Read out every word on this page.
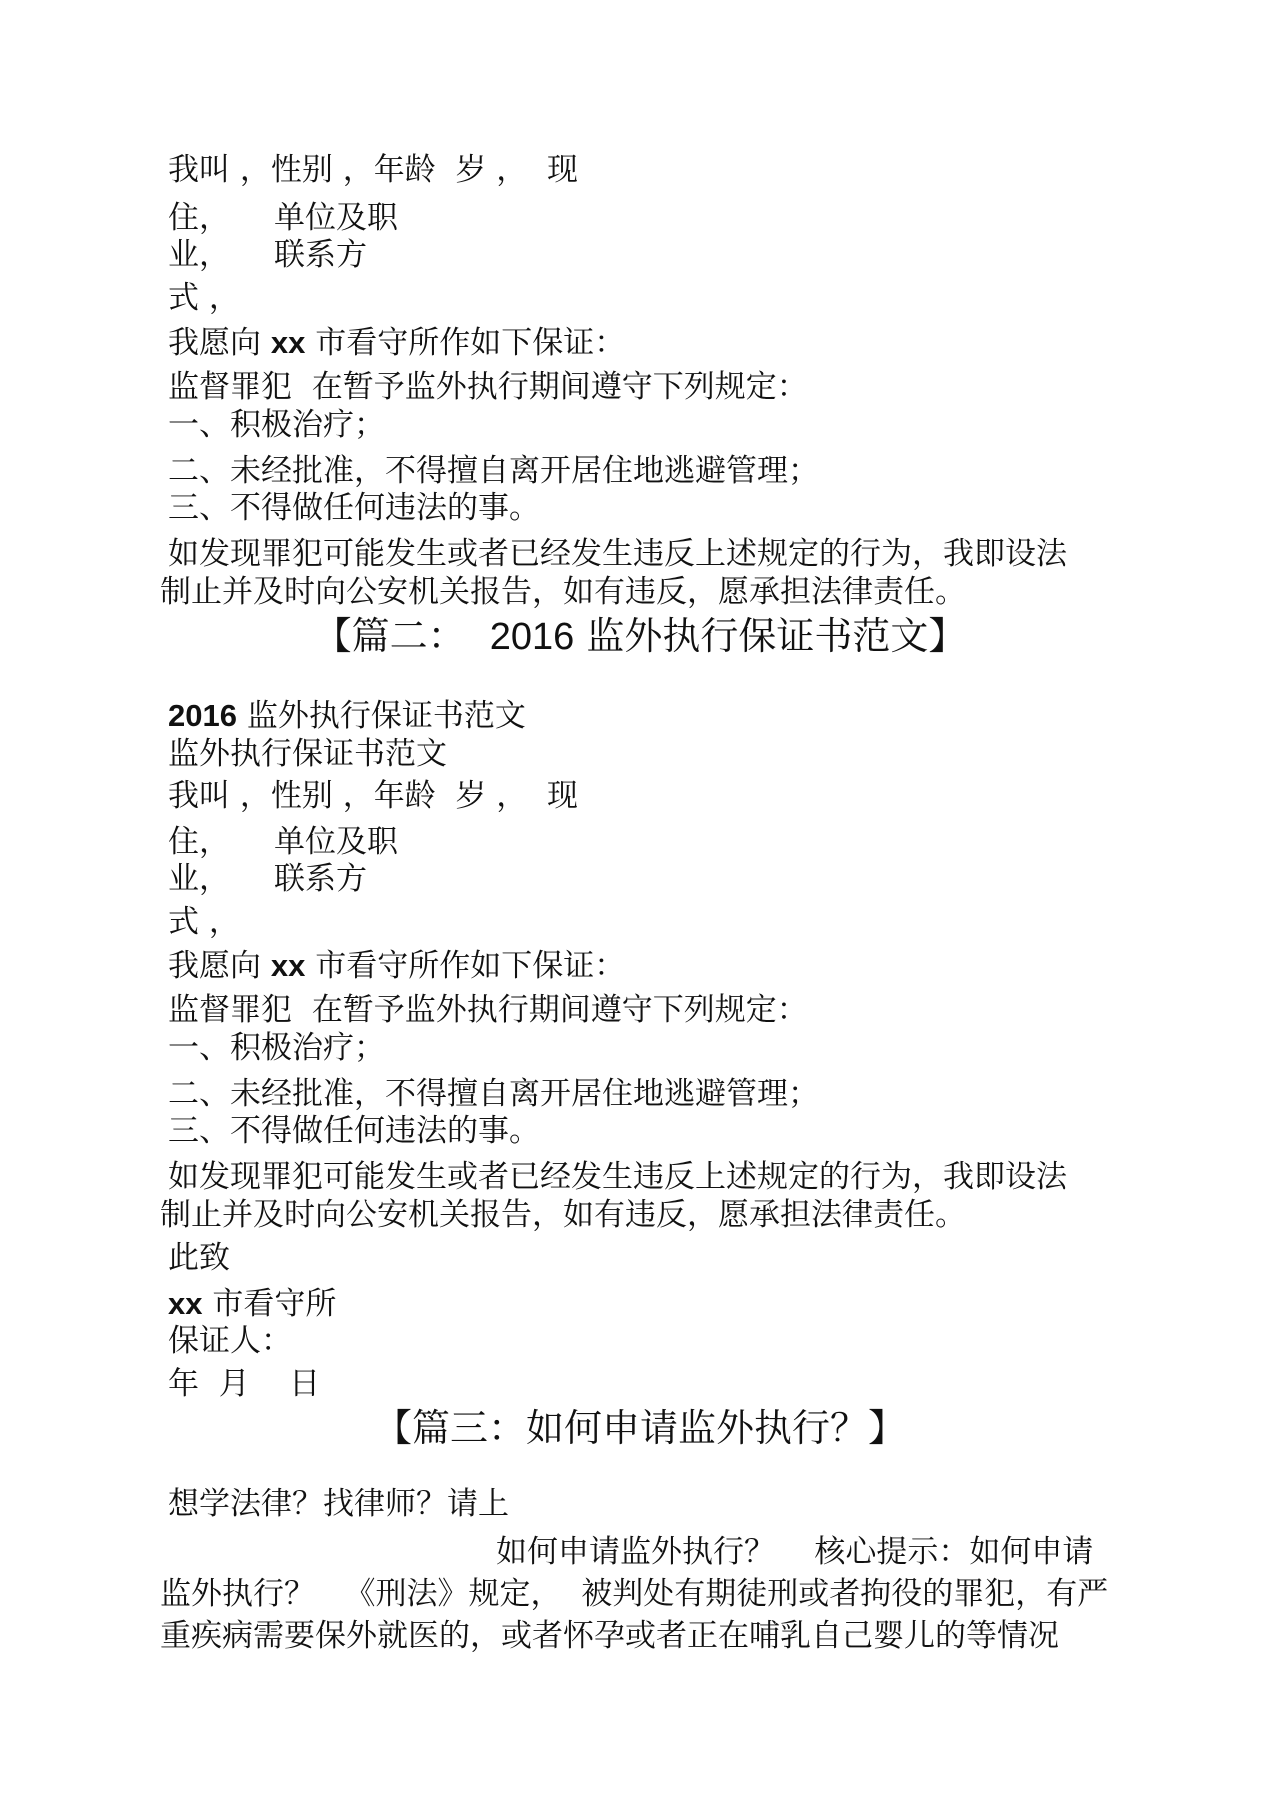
我叫 ，性别 ，年龄  岁 ，  现

住， 单位及职

业， 联系方

式 ，

我愿向 xx 市看守所作如下保证：

监督罪犯  在暂予监外执行期间遵守下列规定：

一、积极治疗；

二、未经批准，不得擅自离开居住地逃避管理；

三、不得做任何违法的事。

如发现罪犯可能发生或者已经发生违反上述规定的行为，我即设法

制止并及时向公安机关报告，如有违反，愿承担法律责任。

【篇二：  2016 监外执行保证书范文】

2016 监外执行保证书范文

监外执行保证书范文

我叫 ，性别 ，年龄  岁 ，  现

住， 单位及职

业， 联系方

式 ，

我愿向 xx 市看守所作如下保证：

监督罪犯  在暂予监外执行期间遵守下列规定：

一、积极治疗；

二、未经批准，不得擅自离开居住地逃避管理；

三、不得做任何违法的事。

如发现罪犯可能发生或者已经发生违反上述规定的行为，我即设法

制止并及时向公安机关报告，如有违反，愿承担法律责任。

此致

xx 市看守所

保证人：

年  月    日

【篇三：如何申请监外执行？】

想学法律？找律师？请上

如何申请监外执行？    核心提示：如何申请

监外执行？   《刑法》规定，  被判处有期徒刑或者拘役的罪犯，有严

重疾病需要保外就医的，或者怀孕或者正在哺乳自己婴儿的等情况
